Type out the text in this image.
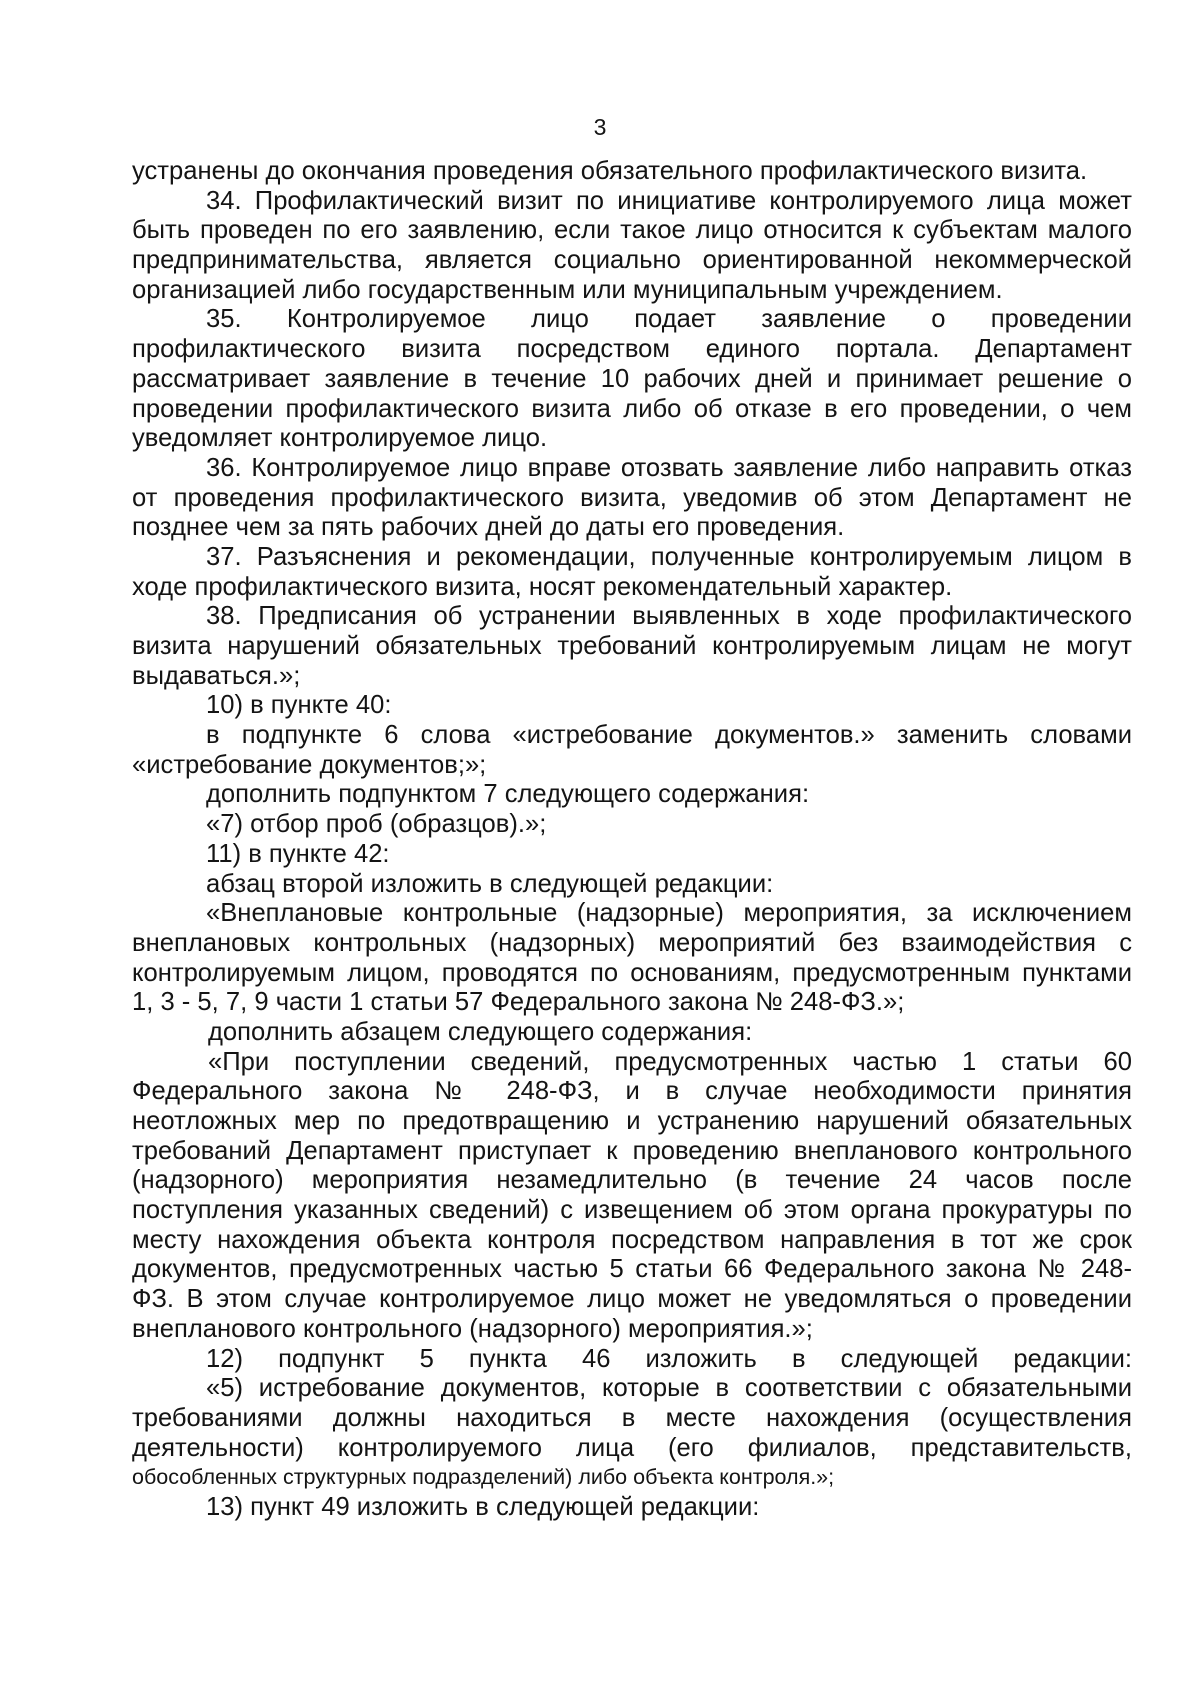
3
устранены до окончания проведения обязательного профилактического визита.
34. Профилактический визит по инициативе контролируемого лица может
быть проведен по его заявлению, если такое лицо относится к субъектам малого
предпринимательства, является социально ориентированной некоммерческой
организацией либо государственным или муниципальным учреждением.
35. Контролируемое лицо подает заявление о проведении
профилактического визита посредством единого портала. Департамент
рассматривает заявление в течение 10 рабочих дней и принимает решение о
проведении профилактического визита либо об отказе в его проведении, о чем
уведомляет контролируемое лицо.
36. Контролируемое лицо вправе отозвать заявление либо направить отказ
от проведения профилактического визита, уведомив об этом Департамент не
позднее чем за пять рабочих дней до даты его проведения.
37. Разъяснения и рекомендации, полученные контролируемым лицом в
ходе профилактического визита, носят рекомендательный характер.
38. Предписания об устранении выявленных в ходе профилактического
визита нарушений обязательных требований контролируемым лицам не могут
выдаваться.»;
10) в пункте 40:
в подпункте 6 слова «истребование документов.» заменить словами
«истребование документов;»;
дополнить подпунктом 7 следующего содержания:
«7) отбор проб (образцов).»;
11) в пункте 42:
абзац второй изложить в следующей редакции:
«Внеплановые контрольные (надзорные) мероприятия, за исключением
внеплановых контрольных (надзорных) мероприятий без взаимодействия с
контролируемым лицом, проводятся по основаниям, предусмотренным пунктами
1, 3 - 5, 7, 9 части 1 статьи 57 Федерального закона № 248-ФЗ.»;
дополнить абзацем следующего содержания:
«При поступлении сведений, предусмотренных частью 1 статьи 60
Федерального закона № 248-ФЗ, и в случае необходимости принятия
неотложных мер по предотвращению и устранению нарушений обязательных
требований Департамент приступает к проведению внепланового контрольного
(надзорного) мероприятия незамедлительно (в течение 24 часов после
поступления указанных сведений) с извещением об этом органа прокуратуры по
месту нахождения объекта контроля посредством направления в тот же срок
документов, предусмотренных частью 5 статьи 66 Федерального закона № 248-
ФЗ. В этом случае контролируемое лицо может не уведомляться о проведении
внепланового контрольного (надзорного) мероприятия.»;
12) подпункт 5 пункта 46 изложить в следующей редакции:
«5) истребование документов, которые в соответствии с обязательными
требованиями должны находиться в месте нахождения (осуществления
деятельности) контролируемого лица (его филиалов, представительств,
обособленных структурных подразделений) либо объекта контроля.»;
13) пункт 49 изложить в следующей редакции:
